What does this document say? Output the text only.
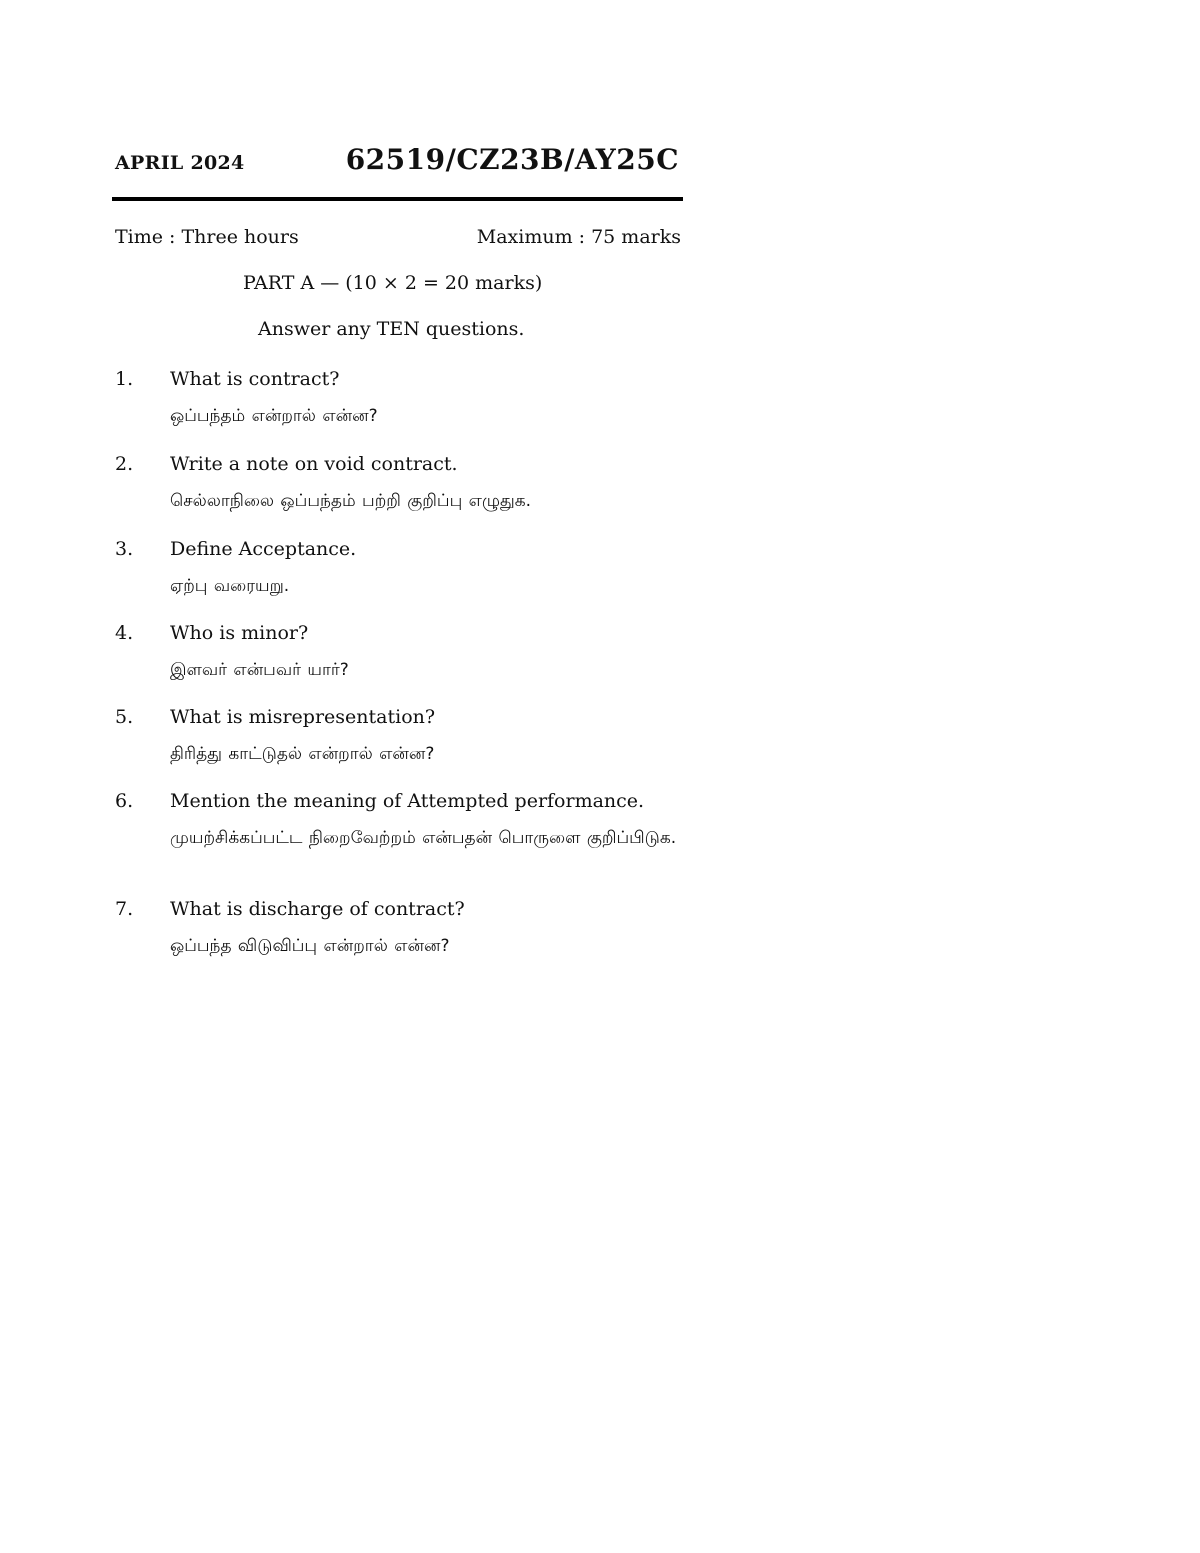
APRIL 2024	62519/CZ23B/AY25C
Time : Three hours	Maximum : 75 marks
PART A — (10 × 2 = 20 marks)
Answer any TEN questions.
1. What is contract?
ஒப்பந்தம் என்றால் என்ன?
2. Write a note on void contract.
செல்லாநிலை ஒப்பந்தம் பற்றி குறிப்பு எழுதுக.
3. Define Acceptance.
ஏற்பு வரையறு.
4. Who is minor?
இளவர் என்பவர் யார்?
5. What is misrepresentation?
திரித்து காட்டுதல் என்றால் என்ன?
6. Mention the meaning of Attempted performance.
முயற்சிக்கப்பட்ட நிறைவேற்றம் என்பதன் பொருளை குறிப்பிடுக.
7. What is discharge of contract?
ஒப்பந்த விடுவிப்பு என்றால் என்ன?
